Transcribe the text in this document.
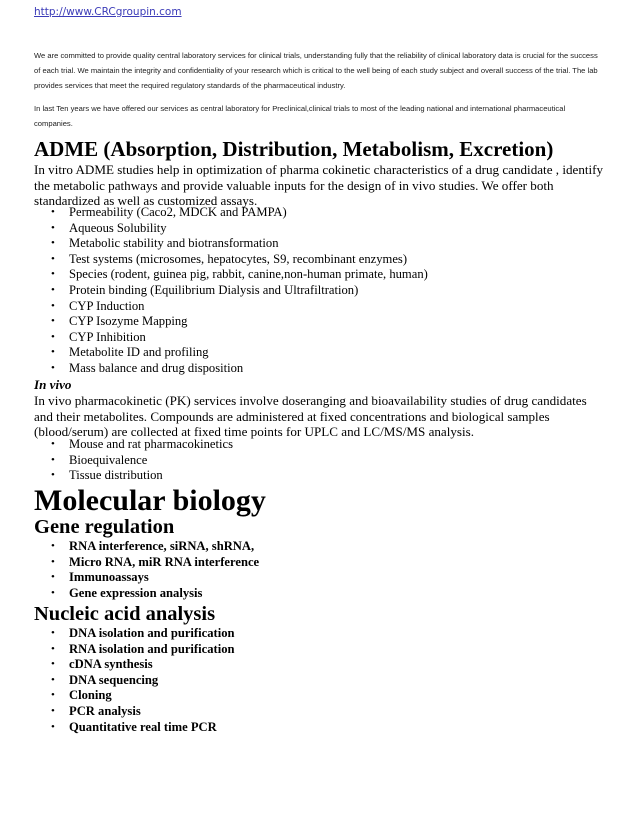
http://www.CRCgroupin.com

We are committed to provide quality central laboratory services for clinical trials, understanding fully that the reliability of clinical laboratory data is crucial for the success of each trial. We maintain the integrity and confidentiality of your research which is critical to the well being of each study subject and overall success of the trial. The lab provides services that meet the required regulatory standards of the pharmaceutical industry.

In last Ten years we have offered our services as central laboratory for Preclinical,clinical trials to most of the leading national and international pharmaceutical companies.

ADME (Absorption, Distribution, Metabolism, Excretion)

In vitro ADME studies help in optimization of pharma cokinetic characteristics of a drug candidate , identify the metabolic pathways and provide valuable inputs for the design of in vivo studies. We offer both standardized as well as customized assays.

•	Permeability (Caco2, MDCK and PAMPA)
•	Aqueous Solubility
•	Metabolic stability and biotransformation
•	Test systems (microsomes, hepatocytes, S9, recombinant enzymes)
•	Species (rodent, guinea pig, rabbit, canine,non-human primate, human)
•	Protein binding (Equilibrium Dialysis and Ultrafiltration)
•	CYP Induction
•	CYP Isozyme Mapping
•	CYP Inhibition
•	Metabolite ID and profiling
•	Mass balance and drug disposition

In vivo

In vivo pharmacokinetic (PK) services involve doseranging and bioavailability studies of drug candidates and their metabolites. Compounds are administered at fixed concentrations and biological samples (blood/serum) are collected at fixed time points for UPLC and LC/MS/MS analysis.

•	Mouse and rat pharmacokinetics
•	Bioequivalence
•	Tissue distribution
Molecular biology
Gene regulation
•	RNA interference, siRNA, shRNA,
•	Micro RNA, miR RNA interference
•	Immunoassays
•	Gene expression analysis
Nucleic acid analysis
•	DNA isolation and purification
•	RNA isolation and purification
•	cDNA synthesis
•	DNA sequencing
•	Cloning
•	PCR analysis
•	Quantitative real time PCR
